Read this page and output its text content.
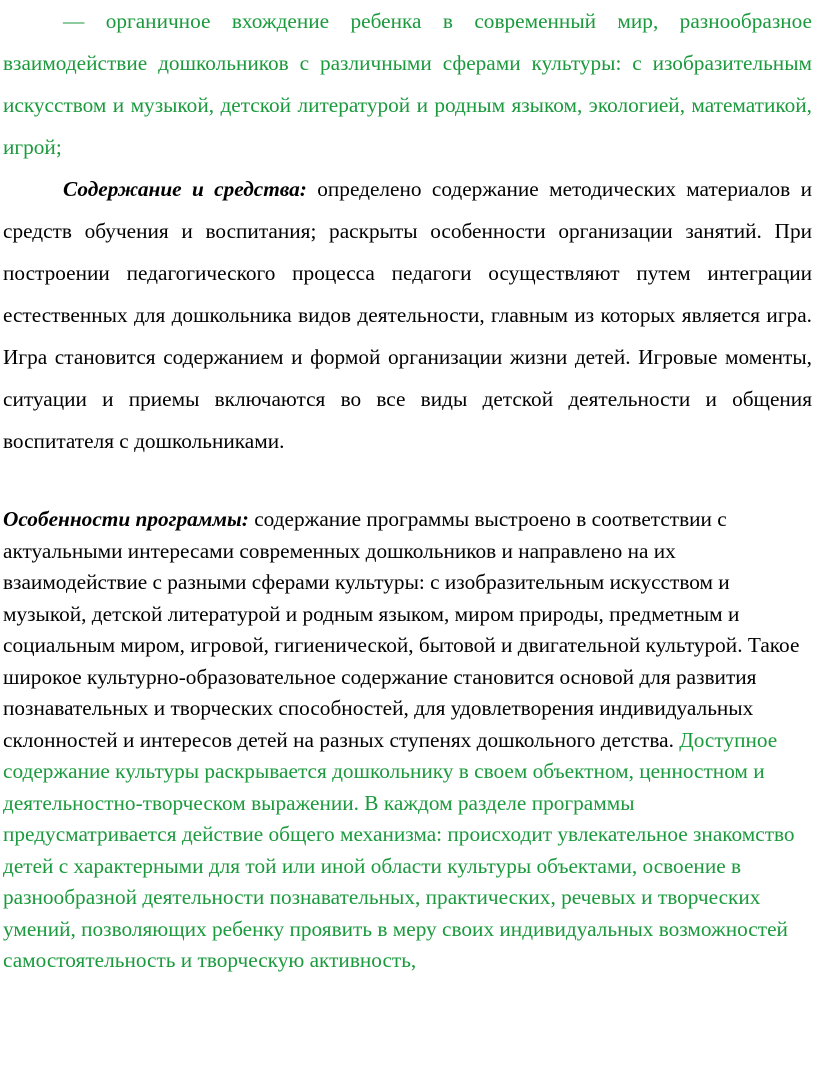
— органичное вхождение ребенка в современный мир, разнообразное взаимодействие дошкольников с различными сферами культуры: с изобразительным искусством и музыкой, детской литературой и родным языком, экологией, математикой, игрой;

Содержание и средства: определено содержание методических материалов и средств обучения и воспитания; раскрыты особенности организации занятий. При построении педагогического процесса педагоги осуществляют путем интеграции естественных для дошкольника видов деятельности, главным из которых является игра. Игра становится содержанием и формой организации жизни детей. Игровые моменты, ситуации и приемы включаются во все виды детской деятельности и общения воспитателя с дошкольниками.

Особенности программы: содержание программы выстроено в соответствии с актуальными интересами современных дошкольников и направлено на их взаимодействие с разными сферами культуры: с изобразительным искусством и музыкой, детской литературой и родным языком, миром природы, предметным и социальным миром, игровой, гигиенической, бытовой и двигательной культурой. Такое широкое культурно-образовательное содержание становится основой для развития познавательных и творческих способностей, для удовлетворения индивидуальных склонностей и интересов детей на разных ступенях дошкольного детства. Доступное содержание культуры раскрывается дошкольнику в своем объектном, ценностном и деятельностно-творческом выражении. В каждом разделе программы предусматривается действие общего механизма: происходит увлекательное знакомство детей с характерными для той или иной области культуры объектами, освоение в разнообразной деятельности познавательных, практических, речевых и творческих умений, позволяющих ребенку проявить в меру своих индивидуальных возможностей самостоятельность и творческую активность,
